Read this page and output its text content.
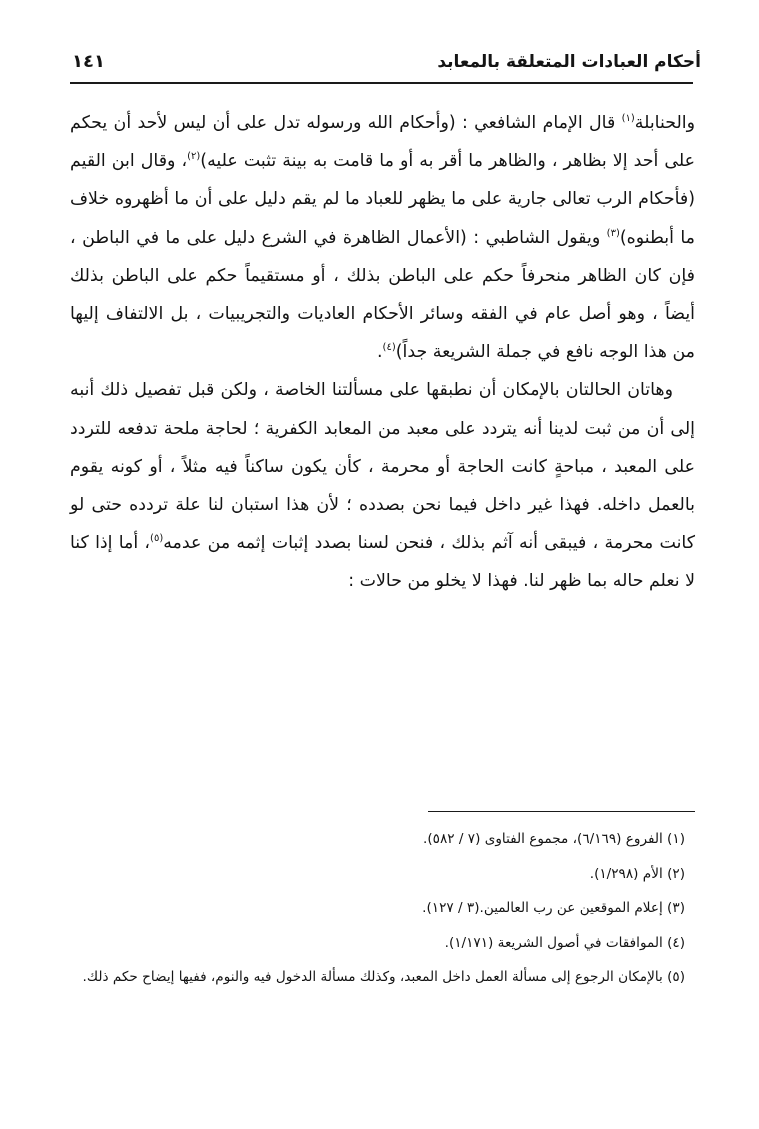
أحكام العبادات المتعلقة بالمعابد
١٤١

والحنابلة$^{(١)}$ قال الإمام الشافعي : (وأحكام الله ورسوله تدل على أن ليس لأحد أن يحكم على أحد إلا بظاهر ، والظاهر ما أقر به أو ما قامت به بينة تثبت عليه)$^{(٢)}$، وقال ابن القيم (فأحكام الرب تعالى جارية على ما يظهر للعباد ما لم يقم دليل على أن ما أظهروه خلاف ما أبطنوه)$^{(٣)}$ ويقول الشاطبي : (الأعمال الظاهرة في الشرع دليل على ما في الباطن ، فإن كان الظاهر منحرفاً حكم على الباطن بذلك ، أو مستقيماً حكم على الباطن بذلك أيضاً ، وهو أصل عام في الفقه وسائر الأحكام العاديات والتجريبيات ، بل الالتفاف إليها من هذا الوجه نافع في جملة الشريعة جداً)$^{(٤)}$.

وهاتان الحالتان بالإمكان أن نطبقها على مسألتنا الخاصة ، ولكن قبل تفصيل ذلك أنبه إلى أن من ثبت لدينا أنه يتردد على معبد من المعابد الكفرية ؛ لحاجة ملحة تدفعه للتردد على المعبد ، مباحةٍ كانت الحاجة أو محرمة ، كأن يكون ساكناً فيه مثلاً ، أو كونه يقوم بالعمل داخله. فهذا غير داخل فيما نحن بصدده ؛ لأن هذا استبان لنا علة تردده حتى لو كانت محرمة ، فيبقى أنه آثم بذلك ، فنحن لسنا بصدد إثبات إثمه من عدمه$^{(٥)}$، أما إذا كنا لا نعلم حاله بما ظهر لنا. فهذا لا يخلو من حالات :

(١) الفروع (٦/١٦٩)، مجموع الفتاوى (٧ / ٥٨٢).
(٢) الأم (١/٢٩٨).
(٣) إعلام الموقعين عن رب العالمين.(٣ / ١٢٧).
(٤) الموافقات في أصول الشريعة (١/١٧١).
(٥) بالإمكان الرجوع إلى مسألة العمل داخل المعبد، وكذلك مسألة الدخول فيه والنوم، ففيها إيضاح حكم ذلك.
